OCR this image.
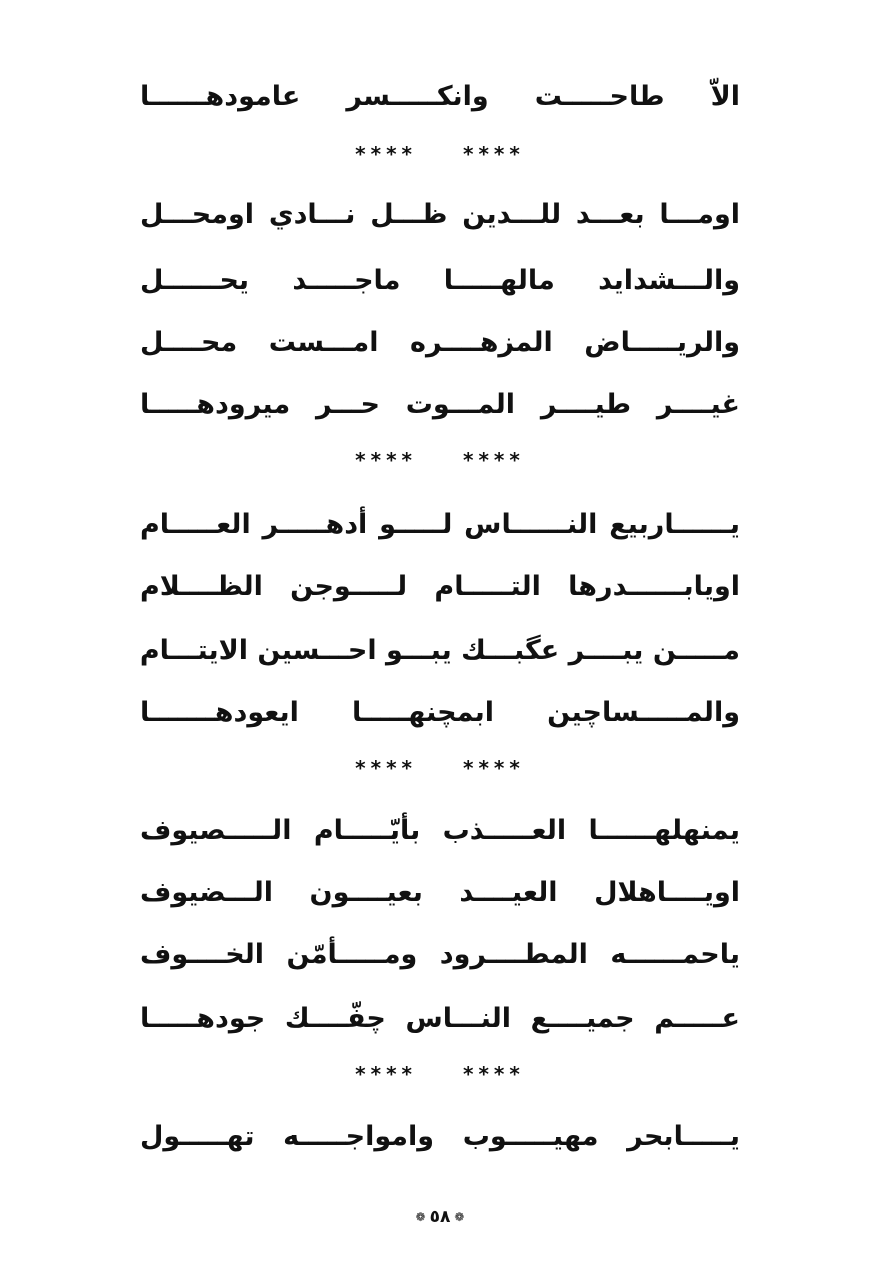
الاّ طاحـــــت وانكـــــسر عامودهــــــا
**** ****
اومـــا بعـــد للـــدين ظـــل نـــادي اومحـــل
والـــشدايد مالهـــــا ماجـــــد يحــــــل
والريـــــاض المزهــــره امـــست محــــل
غيــــر طيــــر المـــوت حـــر ميرودهـــــا
**** ****
يــــــاربيع النــــــاس لـــــو أدهـــــر العـــــام
اويابــــــدرها التـــــام لـــــوجن الظــــلام
مـــــن يبــــر عگبـــك يبـــو احـــسين الايتـــام
والمـــــساچين ابمچنهـــــا ايعودهـــــــا
**** ****
يمنهلهــــــا العـــــذب بأيّـــــام الـــــصيوف
اويــــاهلال العيــــد بعيــــون الـــضيوف
ياحمــــــه المطــــرود ومـــــأمّن الخــــوف
عـــــم جميــــع النـــاس چفّــــك جودهـــــا
**** ****
يـــــابحر مهيـــــوب وامواجـــــه تهـــــول
❁ ٥٨ ❁
